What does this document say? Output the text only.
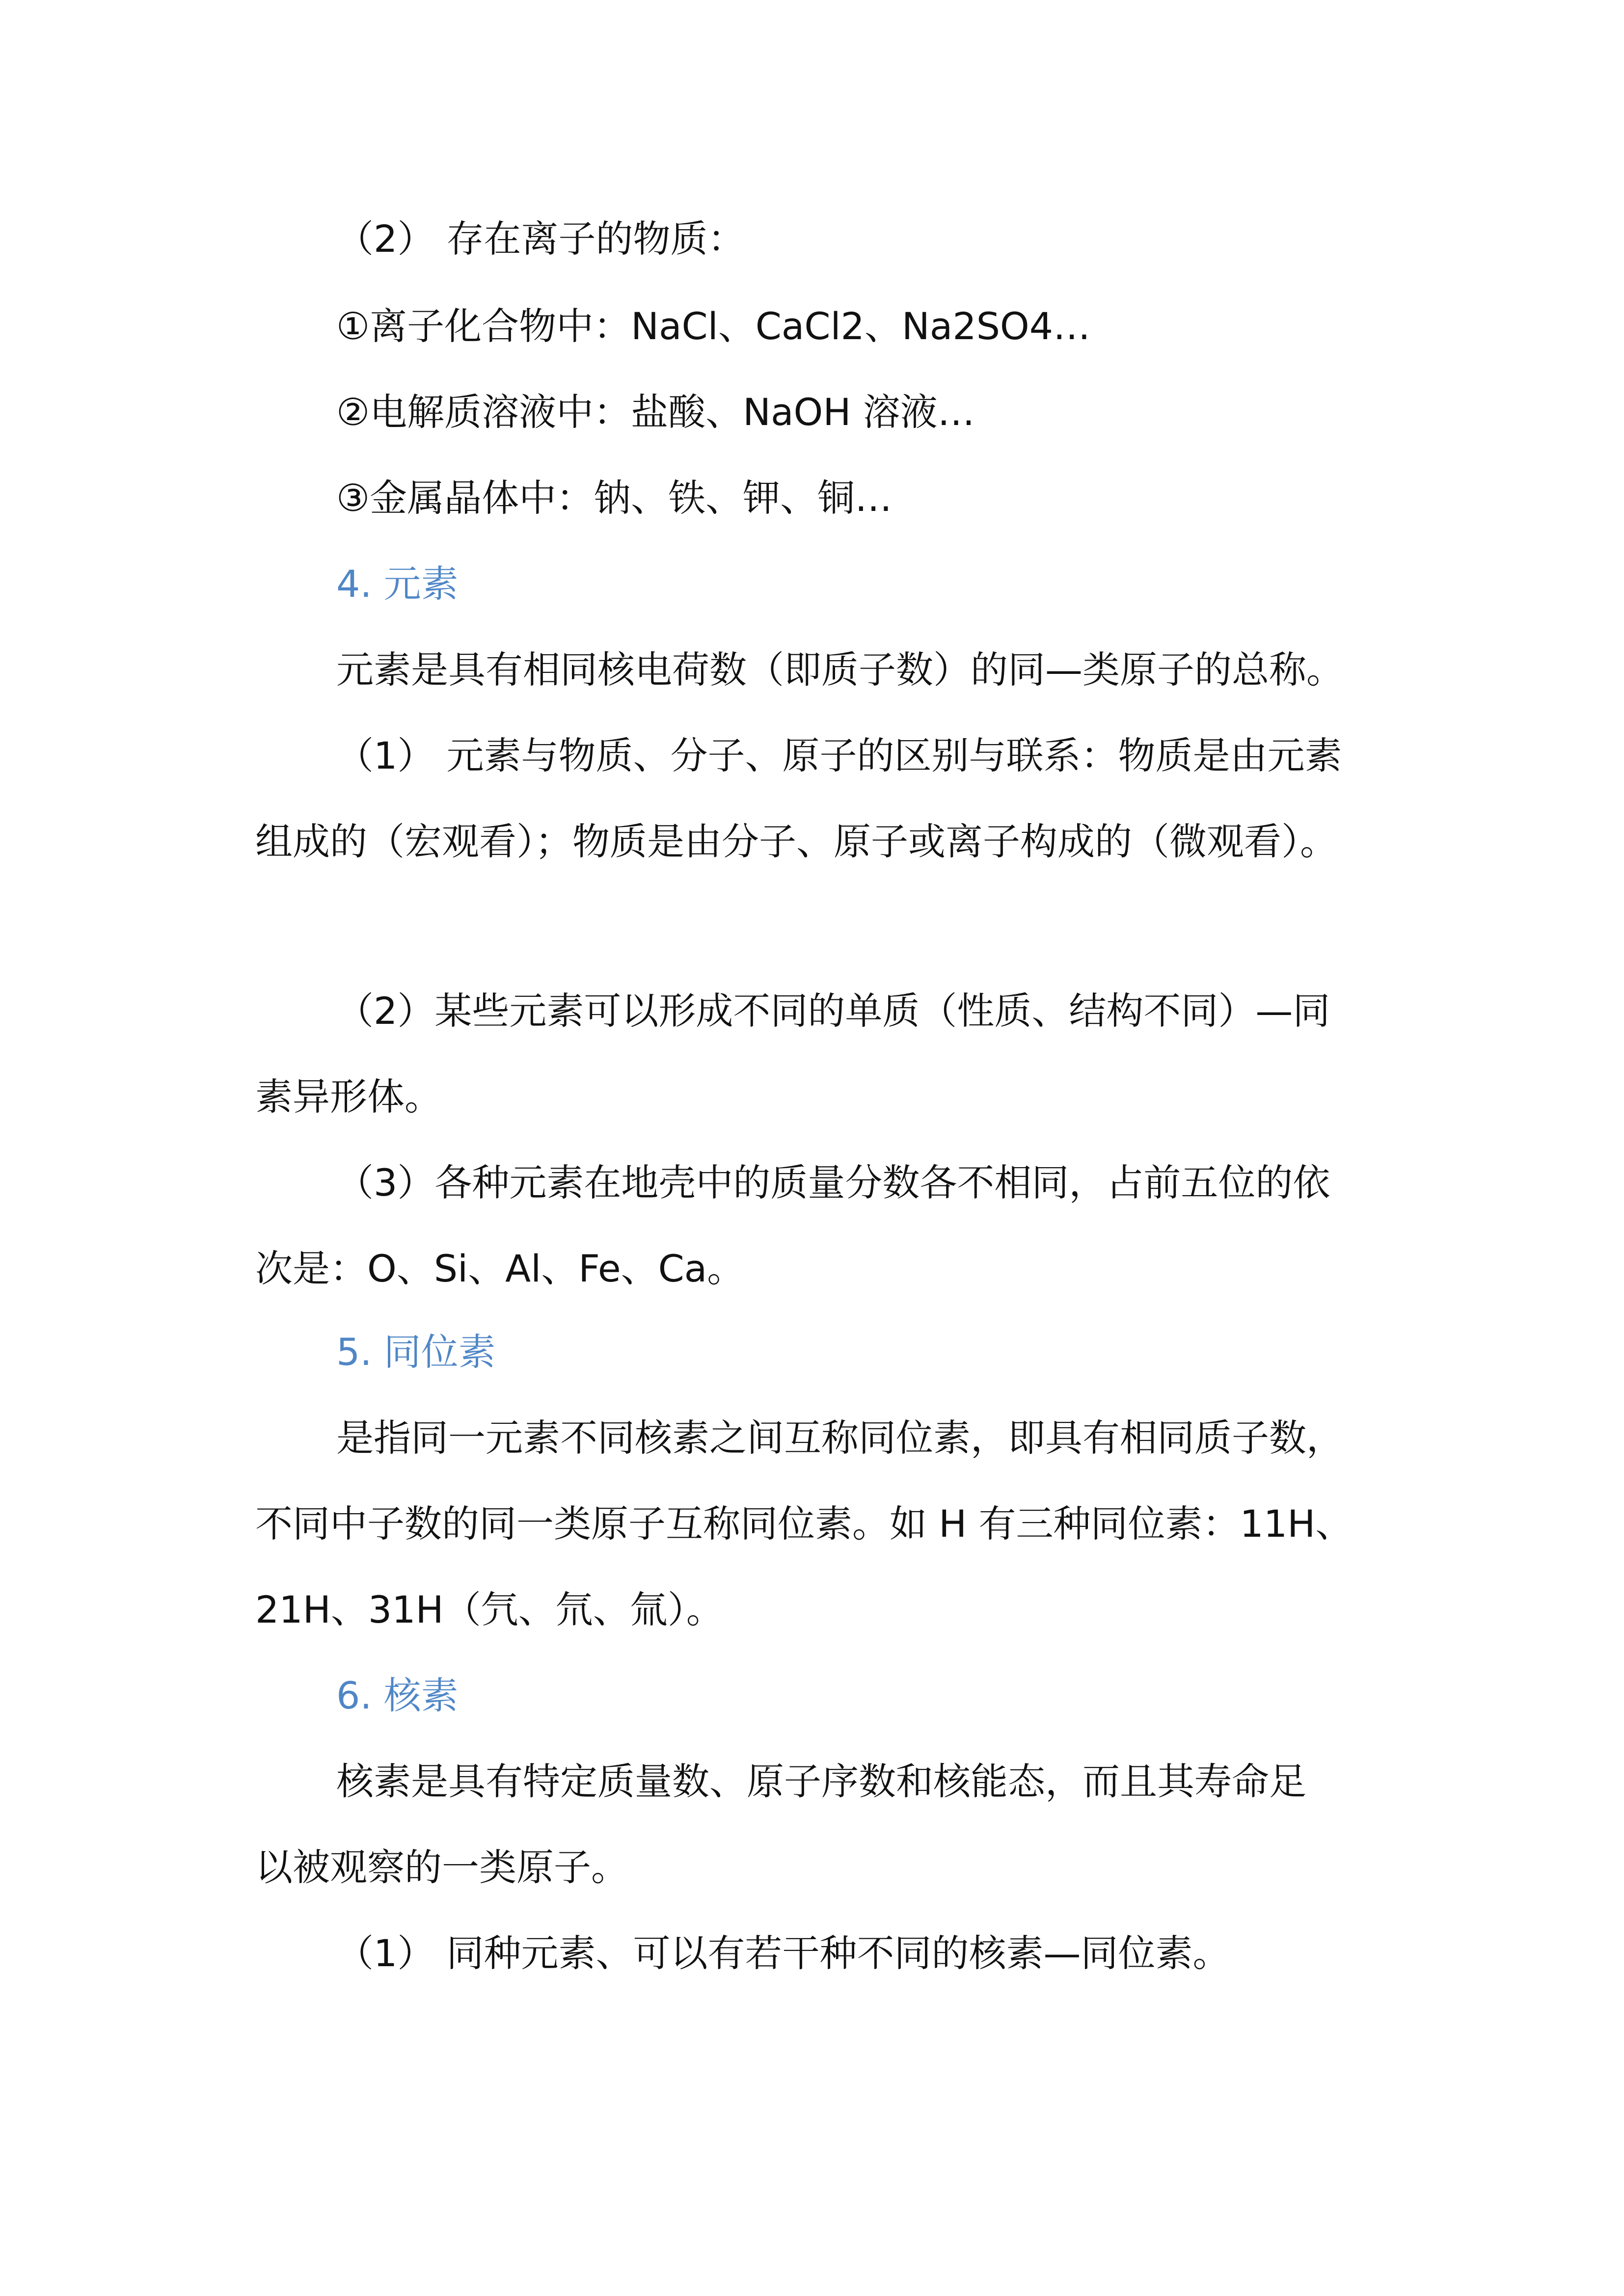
（2） 存在离子的物质：
①离子化合物中：NaCl、CaCl2、Na2SO4…
②电解质溶液中：盐酸、NaOH 溶液…
③金属晶体中：钠、铁、钾、铜…
4. 元素
元素是具有相同核电荷数（即质子数）的同—类原子的总称。
（1） 元素与物质、分子、原子的区别与联系：物质是由元素
组成的（宏观看）；物质是由分子、原子或离子构成的（微观看）。
（2）某些元素可以形成不同的单质（性质、结构不同）—同
素异形体。
（3）各种元素在地壳中的质量分数各不相同，占前五位的依
次是：O、Si、Al、Fe、Ca。
5. 同位素
是指同一元素不同核素之间互称同位素，即具有相同质子数，
不同中子数的同一类原子互称同位素。如 H 有三种同位素：11H、
21H、31H（氕、氘、氚）。
6. 核素
核素是具有特定质量数、原子序数和核能态，而且其寿命足
以被观察的一类原子。
（1） 同种元素、可以有若干种不同的核素—同位素。
